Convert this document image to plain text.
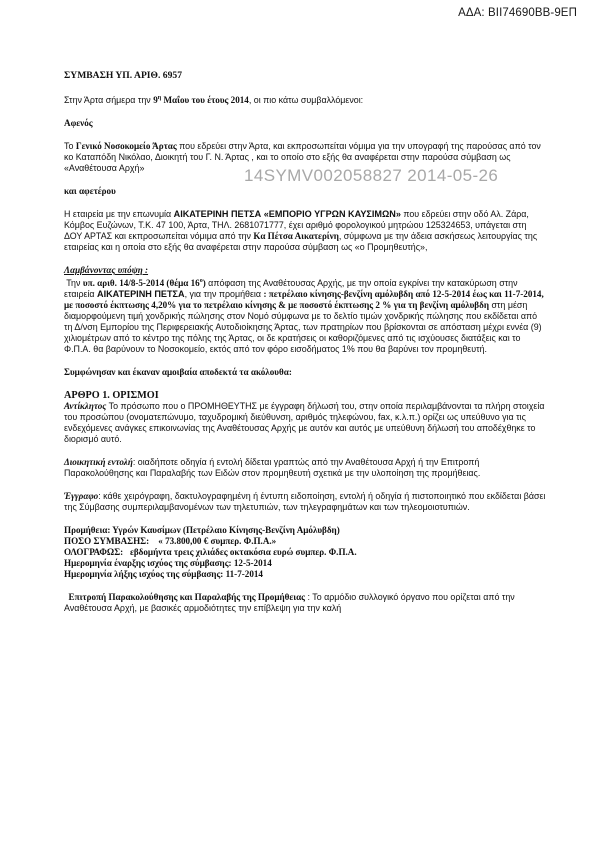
ΑΔΑ: ΒΙΙ74690ΒΒ-9ΕΠ
14SYMV002058827 2014-05-26

ΣΥΜΒΑΣΗ ΥΠ. ΑΡΙΘ. 6957

Στην Άρτα σήμερα την $9^\eta$ Μαΐου του έτους 2014, οι πιο κάτω συμβαλλόμενοι:

Αφενός

Το Γενικό Νοσοκομείο Άρτας που εδρεύει στην Άρτα, και εκπροσωπείται νόμιμα για την υπογραφή της παρούσας από τον κο Καταπόδη Νικόλαο, Διοικητή του Γ. Ν. Άρτας , και το οποίο στο εξής θα αναφέρεται στην παρούσα σύμβαση ως «Αναθέτουσα Αρχή»

και αφετέρου

Η εταιρεία με την επωνυμία ΑΙΚΑΤΕΡΙΝΗ ΠΕΤΣΑ «ΕΜΠΟΡΙΟ ΥΓΡΩΝ ΚΑΥΣΙΜΩΝ» που εδρεύει στην οδό Αλ. Ζάρα, Κόμβος Ευζώνων, Τ.Κ. 47 100, Άρτα, ΤΗΛ. 2681071777, έχει αριθμό φορολογικού μητρώου 125324653, υπάγεται στη ΔΟΥ ΑΡΤΑΣ και εκπροσωπείται νόμιμα από την Κα Πέτσα Αικατερίνη, σύμφωνα με την άδεια ασκήσεως λειτουργίας της εταιρείας και η οποία στο εξής θα αναφέρεται στην παρούσα σύμβαση ως «ο Προμηθευτής»,

Λαμβάνοντας υπόψη :

Την υπ. αριθ. 14/8-5-2014 (θέμα $16^o$) απόφαση της Αναθέτουσας Αρχής, με την οποία εγκρίνει την κατακύρωση στην εταιρεία ΑΙΚΑΤΕΡΙΝΗ ΠΕΤΣΑ, για την προμήθεια : πετρέλαιο κίνησης-βενζίνη αμόλυβδη από 12-5-2014 έως και 11-7-2014, με ποσοστό έκπτωσης 4,20% για το πετρέλαιο κίνησης & με ποσοστό έκπτωσης 2 % για τη βενζίνη αμόλυβδη στη μέση διαμορφούμενη τιμή χονδρικής πώλησης στον Νομό σύμφωνα με το δελτίο τιμών χονδρικής πώλησης που εκδίδεται από τη Δ/νση Εμπορίου της Περιφερειακής Αυτοδιοίκησης Άρτας, των πρατηρίων που βρίσκονται σε απόσταση μέχρι εννέα (9) χιλιομέτρων από το κέντρο της πόλης της Άρτας, οι δε κρατήσεις οι καθοριζόμενες από τις ισχύουσες διατάξεις και το Φ.Π.Α. θα βαρύνουν το Νοσοκομείο, εκτός από τον φόρο εισοδήματος 1% που θα βαρύνει τον προμηθευτή.

Συμφώνησαν και έκαναν αμοιβαία αποδεκτά τα ακόλουθα:

ΑΡΘΡΟ 1. ΟΡΙΣΜΟΙ

Αντίκλητος Το πρόσωπο που ο ΠΡΟΜΗΘΕΥΤΗΣ με έγγραφη δήλωσή του, στην οποία περιλαμβάνονται τα πλήρη στοιχεία του προσώπου (ονοματεπώνυμο, ταχυδρομική διεύθυνση, αριθμός τηλεφώνου, fax, κ.λ.π.) ορίζει ως υπεύθυνο για τις ενδεχόμενες ανάγκες επικοινωνίας της Αναθέτουσας Αρχής με αυτόν και αυτός με υπεύθυνη δήλωσή του αποδέχθηκε το διορισμό αυτό.

Διοικητική εντολή: οιαδήποτε οδηγία ή εντολή δίδεται γραπτώς από την Αναθέτουσα Αρχή ή την Επιτροπή Παρακολούθησης και Παραλαβής των Ειδών στον προμηθευτή σχετικά με την υλοποίηση της προμήθειας.

Έγγραφο: κάθε χειρόγραφη, δακτυλογραφημένη ή έντυπη ειδοποίηση, εντολή ή οδηγία ή πιστοποιητικό που εκδίδεται βάσει της Σύμβασης συμπεριλαμβανομένων των τηλετυπιών, των τηλεγραφημάτων και των τηλεομοιοτυπιών.

Προμήθεια: Υγρών Καυσίμων (Πετρέλαιο Κίνησης-Βενζίνη Αμόλυβδη)

ΠΟΣΟ ΣΥΜΒΑΣΗΣ: « 73.800,00 € συμπερ. Φ.Π.Α.»

ΟΛΟΓΡΑΦΩΣ:   εβδομήντα τρεις χιλιάδες οκτακόσια ευρώ συμπερ. Φ.Π.Α.

Ημερομηνία έναρξης ισχύος της σύμβασης: 12-5-2014

Ημερομηνία λήξης ισχύος της σύμβασης: 11-7-2014

Επιτροπή Παρακολούθησης και Παραλαβής της Προμήθειας : Το αρμόδιο συλλογικό όργανο που ορίζεται από την Αναθέτουσα Αρχή, με βασικές αρμοδιότητες την επίβλεψη για την καλή
